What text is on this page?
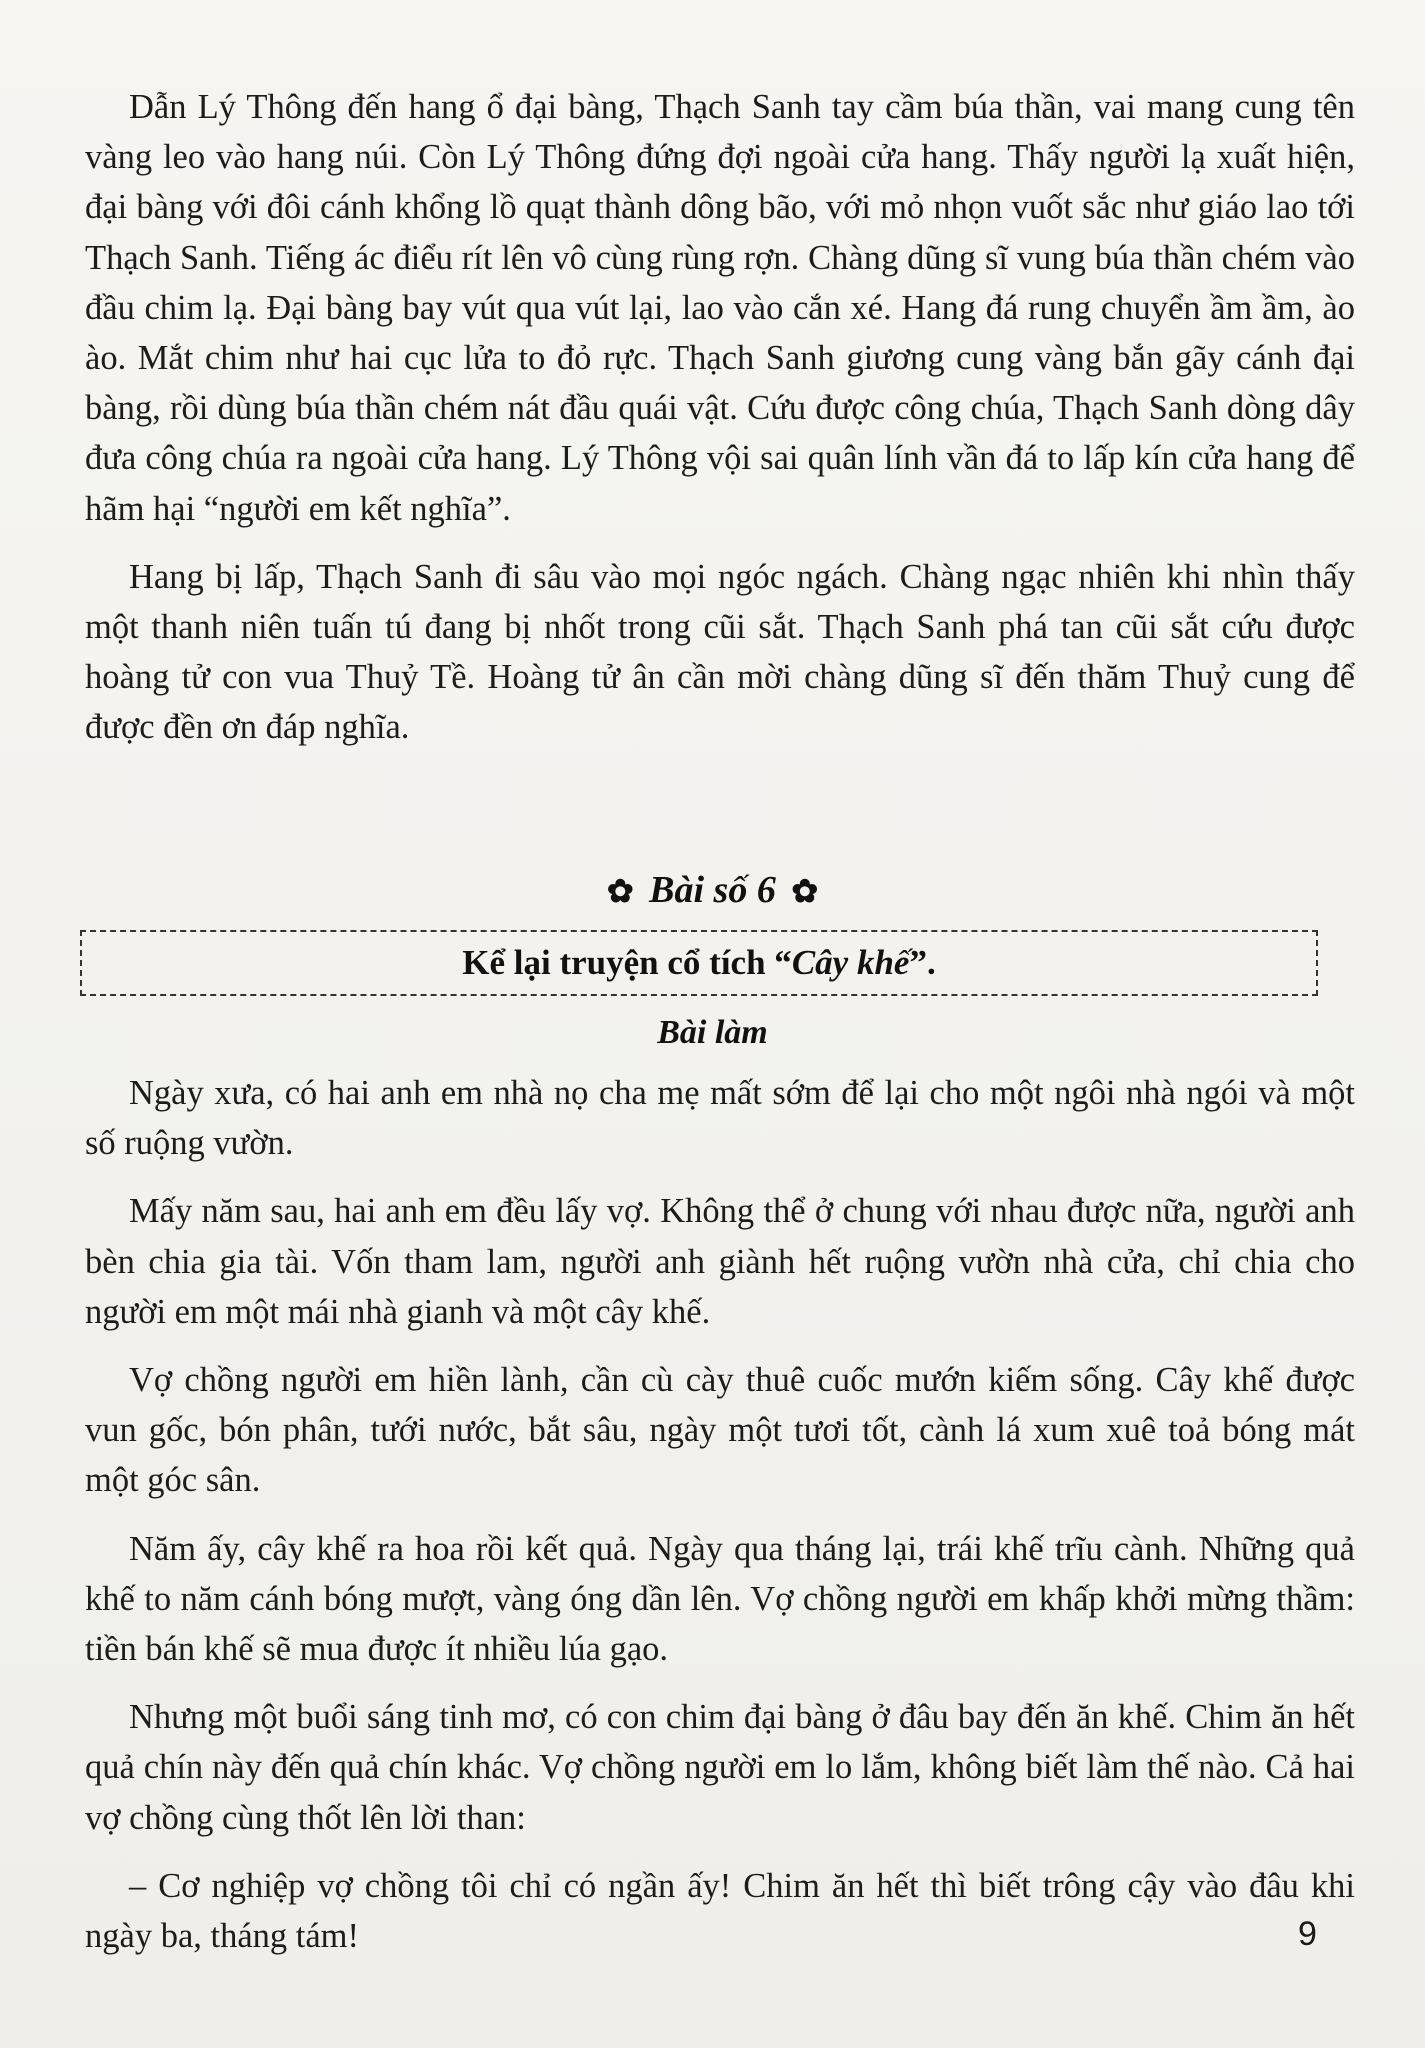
Dẫn Lý Thông đến hang ổ đại bàng, Thạch Sanh tay cầm búa thần, vai mang cung tên vàng leo vào hang núi. Còn Lý Thông đứng đợi ngoài cửa hang. Thấy người lạ xuất hiện, đại bàng với đôi cánh khổng lồ quạt thành dông bão, với mỏ nhọn vuốt sắc như giáo lao tới Thạch Sanh. Tiếng ác điểu rít lên vô cùng rùng rợn. Chàng dũng sĩ vung búa thần chém vào đầu chim lạ. Đại bàng bay vút qua vút lại, lao vào cắn xé. Hang đá rung chuyển ầm ầm, ào ào. Mắt chim như hai cục lửa to đỏ rực. Thạch Sanh giương cung vàng bắn gãy cánh đại bàng, rồi dùng búa thần chém nát đầu quái vật. Cứu được công chúa, Thạch Sanh dòng dây đưa công chúa ra ngoài cửa hang. Lý Thông vội sai quân lính vần đá to lấp kín cửa hang để hãm hại “người em kết nghĩa”.

Hang bị lấp, Thạch Sanh đi sâu vào mọi ngóc ngách. Chàng ngạc nhiên khi nhìn thấy một thanh niên tuấn tú đang bị nhốt trong cũi sắt. Thạch Sanh phá tan cũi sắt cứu được hoàng tử con vua Thuỷ Tề. Hoàng tử ân cần mời chàng dũng sĩ đến thăm Thuỷ cung để được đền ơn đáp nghĩa.

✿ Bài số 6 ✿
Kể lại truyện cổ tích “ Cây khế ”.
Bài làm

Ngày xưa, có hai anh em nhà nọ cha mẹ mất sớm để lại cho một ngôi nhà ngói và một số ruộng vườn.

Mấy năm sau, hai anh em đều lấy vợ. Không thể ở chung với nhau được nữa, người anh bèn chia gia tài. Vốn tham lam, người anh giành hết ruộng vườn nhà cửa, chỉ chia cho người em một mái nhà gianh và một cây khế.

Vợ chồng người em hiền lành, cần cù cày thuê cuốc mướn kiếm sống. Cây khế được vun gốc, bón phân, tưới nước, bắt sâu, ngày một tươi tốt, cành lá xum xuê toả bóng mát một góc sân.

Năm ấy, cây khế ra hoa rồi kết quả. Ngày qua tháng lại, trái khế trĩu cành. Những quả khế to năm cánh bóng mượt, vàng óng dần lên. Vợ chồng người em khấp khởi mừng thầm: tiền bán khế sẽ mua được ít nhiều lúa gạo.

Nhưng một buổi sáng tinh mơ, có con chim đại bàng ở đâu bay đến ăn khế. Chim ăn hết quả chín này đến quả chín khác. Vợ chồng người em lo lắm, không biết làm thế nào. Cả hai vợ chồng cùng thốt lên lời than:

– Cơ nghiệp vợ chồng tôi chỉ có ngần ấy! Chim ăn hết thì biết trông cậy vào đâu khi ngày ba, tháng tám!	9
